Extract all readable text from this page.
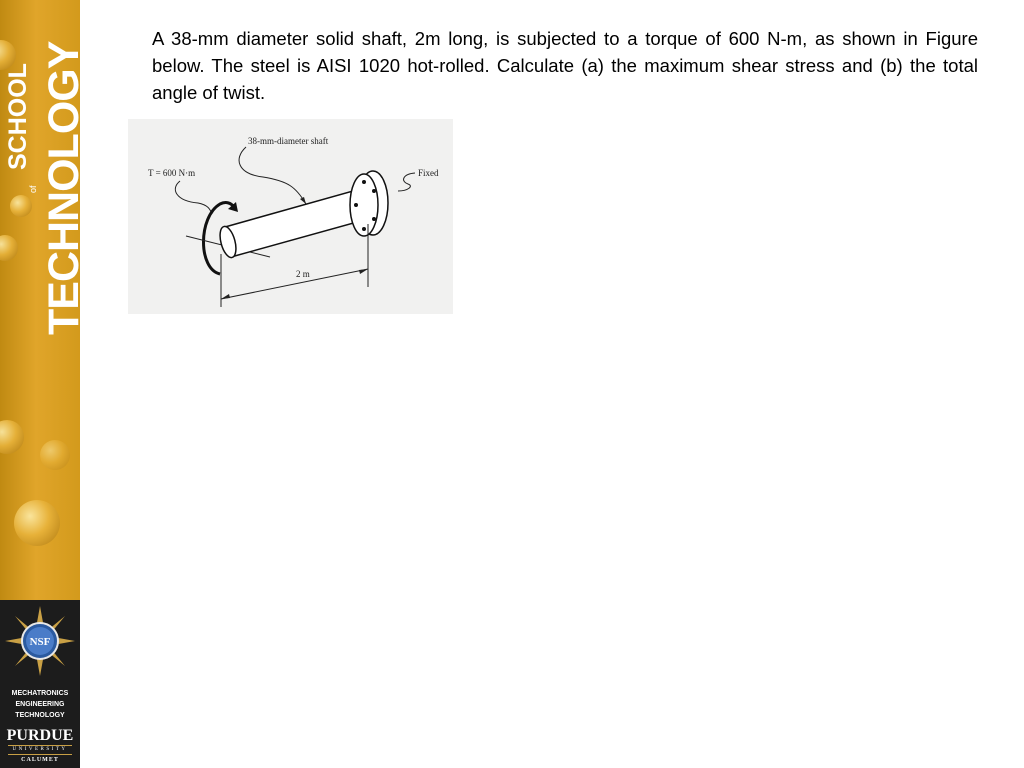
TECHNOLOGY
SCHOOL
of
NSF
MECHATRONICS
ENGINEERING
TECHNOLOGY
PURDUE
UNIVERSITY
CALUMET

A 38-mm diameter solid shaft, 2m long, is subjected to a torque of 600 N-m, as shown in Figure below. The steel is AISI 1020 hot-rolled. Calculate (a) the maximum shear stress and (b) the total angle of twist.

38-mm-diameter shaft
T = 600 N·m	Fixed
2 m
